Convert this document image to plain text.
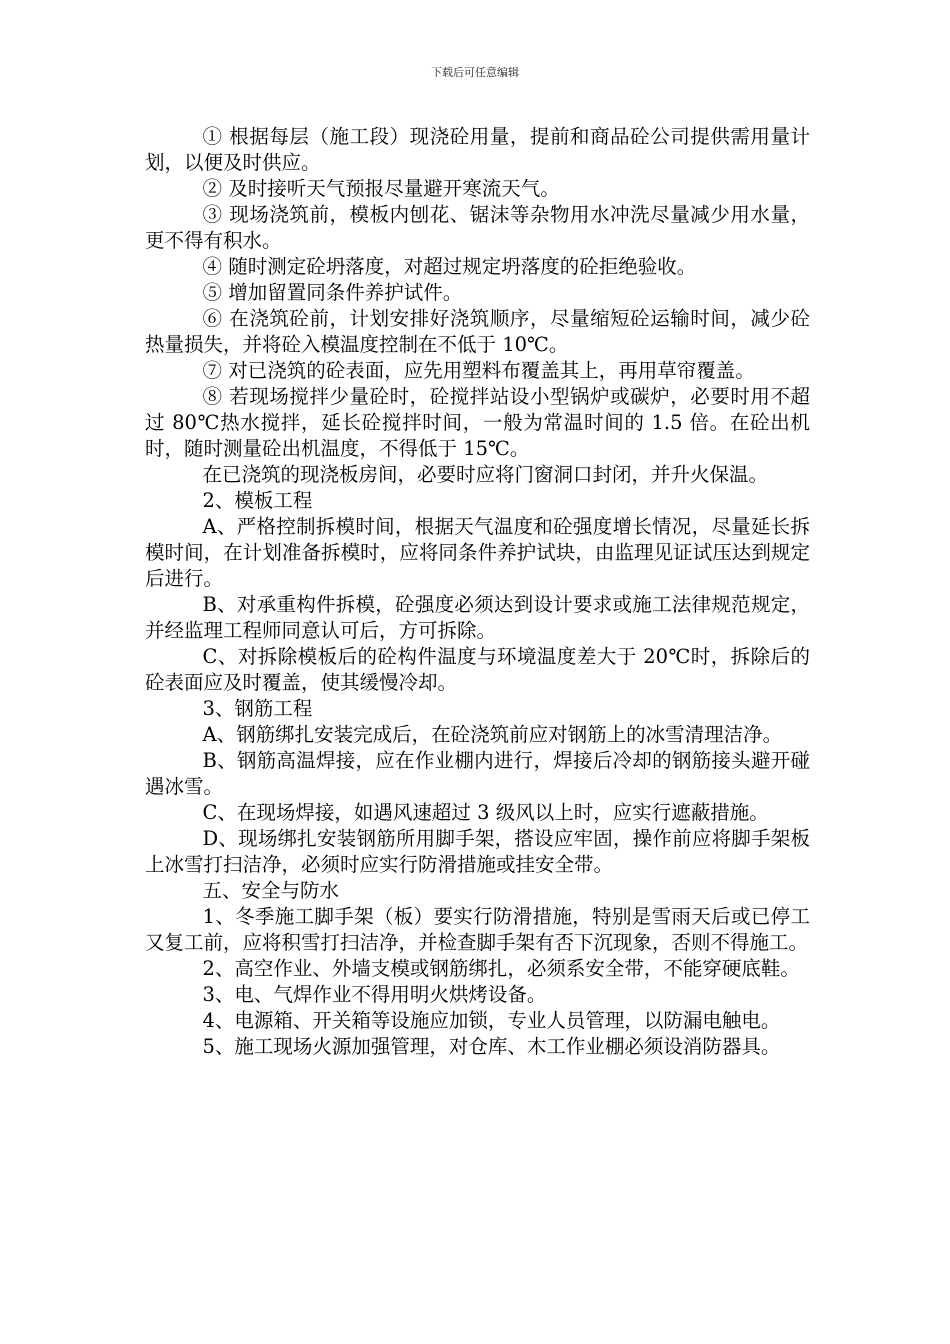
下载后可任意编辑

① 根据每层（施工段）现浇砼用量，提前和商品砼公司提供需用量计划，以便及时供应。

② 及时接听天气预报尽量避开寒流天气。

③ 现场浇筑前，模板内刨花、锯沫等杂物用水冲洗尽量减少用水量，更不得有积水。

④ 随时测定砼坍落度，对超过规定坍落度的砼拒绝验收。

⑤ 增加留置同条件养护试件。

⑥ 在浇筑砼前，计划安排好浇筑顺序，尽量缩短砼运输时间，减少砼热量损失，并将砼入模温度控制在不低于 10℃。

⑦ 对已浇筑的砼表面，应先用塑料布覆盖其上，再用草帘覆盖。

⑧ 若现场搅拌少量砼时，砼搅拌站设小型锅炉或碳炉，必要时用不超过 80℃热水搅拌，延长砼搅拌时间，一般为常温时间的 1.5 倍。在砼出机时，随时测量砼出机温度，不得低于 15℃。

在已浇筑的现浇板房间，必要时应将门窗洞口封闭，并升火保温。

2、模板工程

A、严格控制拆模时间，根据天气温度和砼强度增长情况，尽量延长拆模时间，在计划准备拆模时，应将同条件养护试块，由监理见证试压达到规定后进行。

B、对承重构件拆模，砼强度必须达到设计要求或施工法律规范规定，并经监理工程师同意认可后，方可拆除。

C、对拆除模板后的砼构件温度与环境温度差大于 20℃时，拆除后的砼表面应及时覆盖，使其缓慢冷却。

3、钢筋工程

A、钢筋绑扎安装完成后，在砼浇筑前应对钢筋上的冰雪清理洁净。

B、钢筋高温焊接，应在作业棚内进行，焊接后冷却的钢筋接头避开碰遇冰雪。

C、在现场焊接，如遇风速超过 3 级风以上时，应实行遮蔽措施。

D、现场绑扎安装钢筋所用脚手架，搭设应牢固，操作前应将脚手架板上冰雪打扫洁净，必须时应实行防滑措施或挂安全带。

五、安全与防水

1、冬季施工脚手架（板）要实行防滑措施，特别是雪雨天后或已停工又复工前，应将积雪打扫洁净，并检查脚手架有否下沉现象，否则不得施工。

2、高空作业、外墙支模或钢筋绑扎，必须系安全带，不能穿硬底鞋。

3、电、气焊作业不得用明火烘烤设备。

4、电源箱、开关箱等设施应加锁，专业人员管理，以防漏电触电。

5、施工现场火源加强管理，对仓库、木工作业棚必须设消防器具。
